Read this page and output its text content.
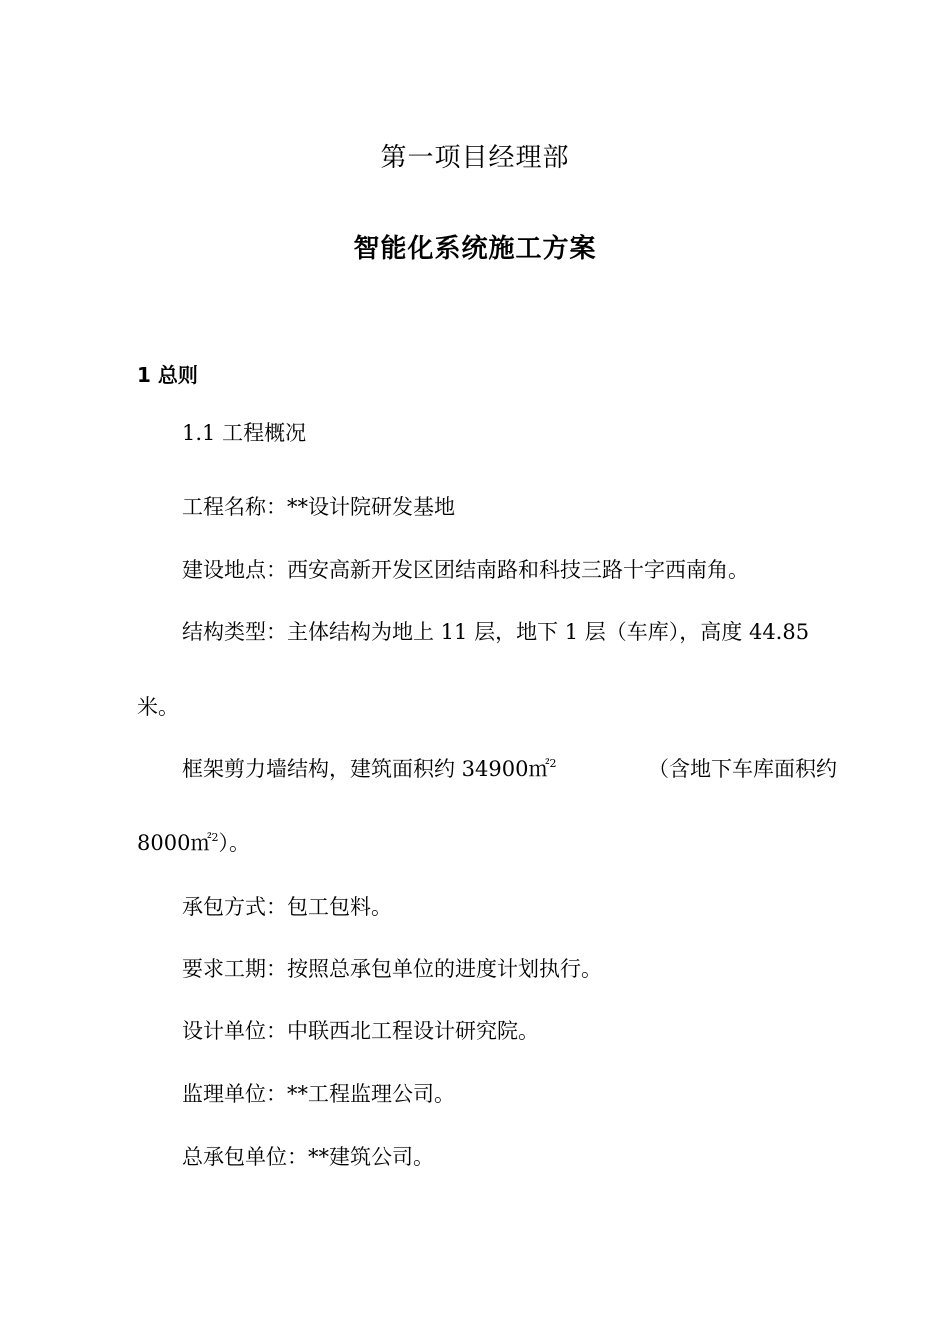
第一项目经理部
智能化系统施工方案
1 总则
1.1 工程概况
工程名称：**设计院研发基地
建设地点：西安高新开发区团结南路和科技三路十字西南角。
结构类型：主体结构为地上 11 层，地下 1 层（车库），高度 44.85
米。
框架剪力墙结构，建筑面积约 34900㎡$^2$	（含地下车库面积约
8000㎡$^2$）。
承包方式：包工包料。
要求工期：按照总承包单位的进度计划执行。
设计单位：中联西北工程设计研究院。
监理单位：**工程监理公司。
总承包单位：**建筑公司。
